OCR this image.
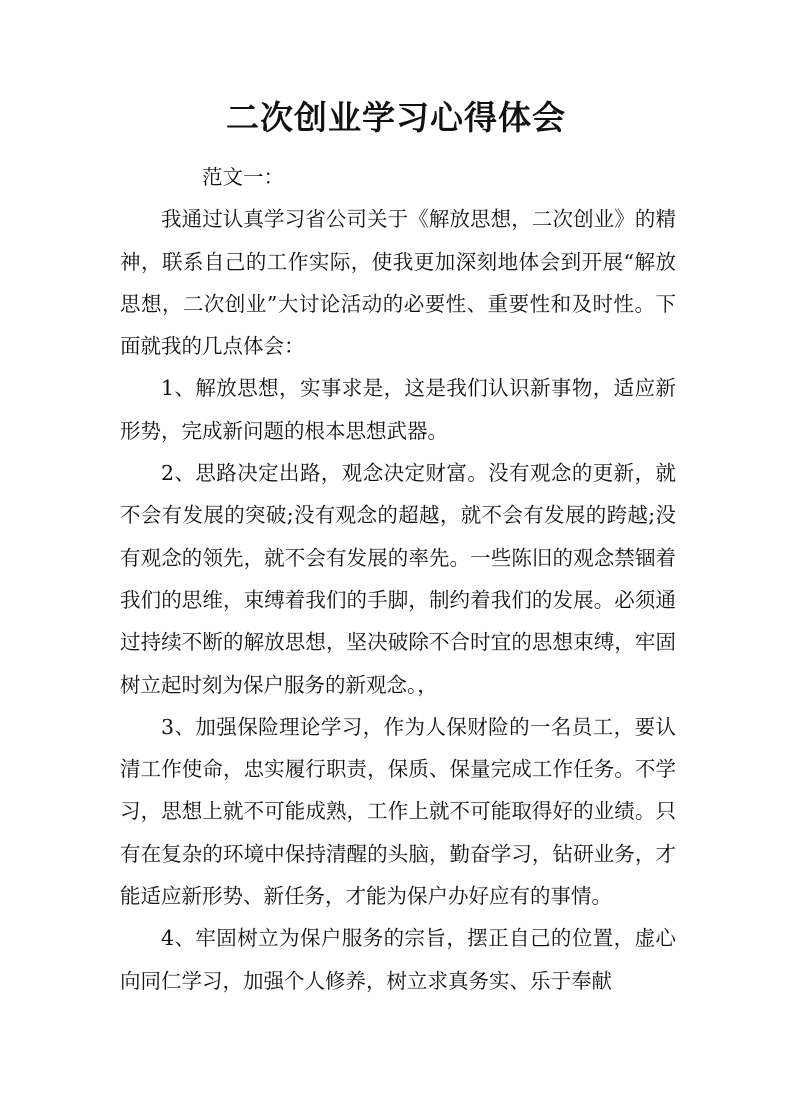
二次创业学习心得体会

范文一：

我通过认真学习省公司关于《解放思想，二次创业》的精神，联系自己的工作实际，使我更加深刻地体会到开展“解放思想，二次创业”大讨论活动的必要性、重要性和及时性。下面就我的几点体会：

1、解放思想，实事求是，这是我们认识新事物，适应新形势，完成新问题的根本思想武器。

2、思路决定出路，观念决定财富。没有观念的更新，就不会有发展的突破;没有观念的超越，就不会有发展的跨越;没有观念的领先，就不会有发展的率先。一些陈旧的观念禁锢着我们的思维，束缚着我们的手脚，制约着我们的发展。必须通过持续不断的解放思想，坚决破除不合时宜的思想束缚，牢固树立起时刻为保户服务的新观念。，

3、加强保险理论学习，作为人保财险的一名员工，要认清工作使命，忠实履行职责，保质、保量完成工作任务。不学习，思想上就不可能成熟，工作上就不可能取得好的业绩。只有在复杂的环境中保持清醒的头脑，勤奋学习，钻研业务，才能适应新形势、新任务，才能为保户办好应有的事情。

4、牢固树立为保户服务的宗旨，摆正自己的位置，虚心向同仁学习，加强个人修养，树立求真务实、乐于奉献
